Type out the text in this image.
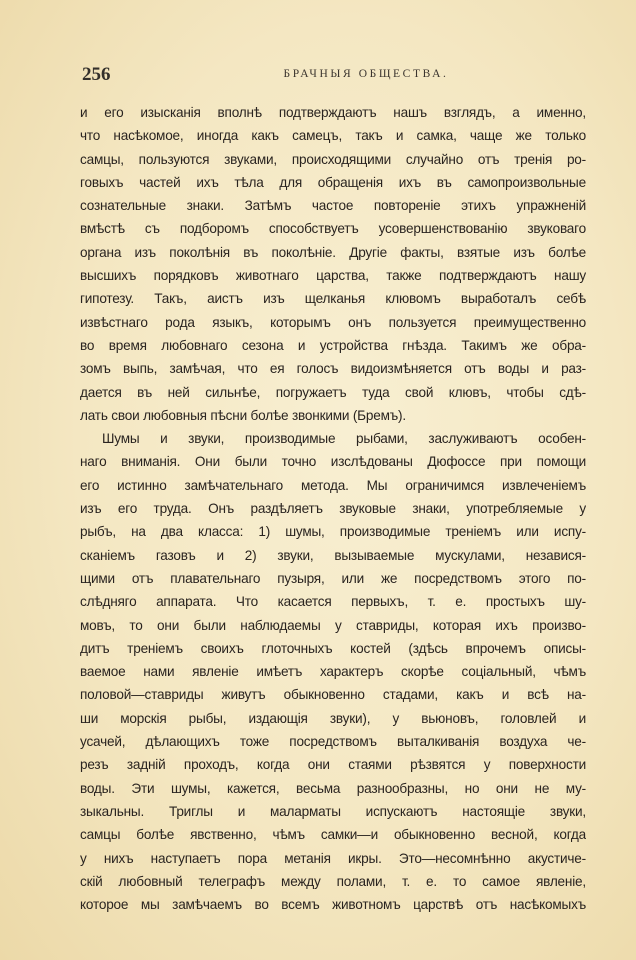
256	БРАЧНЫЯ ОБЩЕСТВА.
и его изысканія вполнѣ подтверждаютъ нашъ взглядъ, а именно,
что насѣкомое, иногда какъ самецъ, такъ и самка, чаще же только
самцы, пользуются звуками, происходящими случайно отъ тренія ро-
говыхъ частей ихъ тѣла для обращенія ихъ въ самопроизвольные
сознательные знаки. Затѣмъ частое повтореніе этихъ упражненій
вмѣстѣ съ подборомъ способствуетъ усовершенствованію звуковаго
органа изъ поколѣнія въ поколѣніе. Другіе факты, взятые изъ болѣе
высшихъ порядковъ животнаго царства, также подтверждаютъ нашу
гипотезу. Такъ, аистъ изъ щелканья клювомъ выработалъ себѣ
извѣстнаго рода языкъ, которымъ онъ пользуется преимущественно
во время любовнаго сезона и устройства гнѣзда. Такимъ же обра-
зомъ выпь, замѣчая, что ея голосъ видоизмѣняется отъ воды и раз-
дается въ ней сильнѣе, погружаетъ туда свой клювъ, чтобы сдѣ-
лать свои любовныя пѣсни болѣе звонкими (Бремъ).
Шумы и звуки, производимые рыбами, заслуживаютъ особен-
наго вниманія. Они были точно изслѣдованы Дюфоссе при помощи
его истинно замѣчательнаго метода. Мы ограничимся извлеченіемъ
изъ его труда. Онъ раздѣляетъ звуковые знаки, употребляемые у
рыбъ, на два класса: 1) шумы, производимые треніемъ или испу-
сканіемъ газовъ и 2) звуки, вызываемые мускулами, независя-
щими отъ плавательнаго пузыря, или же посредствомъ этого по-
слѣдняго аппарата. Что касается первыхъ, т. е. простыхъ шу-
мовъ, то они были наблюдаемы у ставриды, которая ихъ произво-
дитъ треніемъ своихъ глоточныхъ костей (здѣсь впрочемъ описы-
ваемое нами явленіе имѣетъ характеръ скорѣе соціальный, чѣмъ
половой—ставриды живутъ обыкновенно стадами, какъ и всѣ на-
ши морскія рыбы, издающія звуки), у вьюновъ, головлей и
усачей, дѣлающихъ тоже посредствомъ выталкиванія воздуха че-
резъ задній проходъ, когда они стаями рѣзвятся у поверхности
воды. Эти шумы, кажется, весьма разнообразны, но они не му-
зыкальны. Триглы и маларматы испускаютъ настоящіе звуки,
самцы болѣе явственно, чѣмъ самки—и обыкновенно весной, когда
у нихъ наступаетъ пора метанія икры. Это—несомнѣнно акустиче-
скій любовный телеграфъ между полами, т. е. то самое явленіе,
которое мы замѣчаемъ во всемъ животномъ царствѣ отъ насѣкомыхъ
